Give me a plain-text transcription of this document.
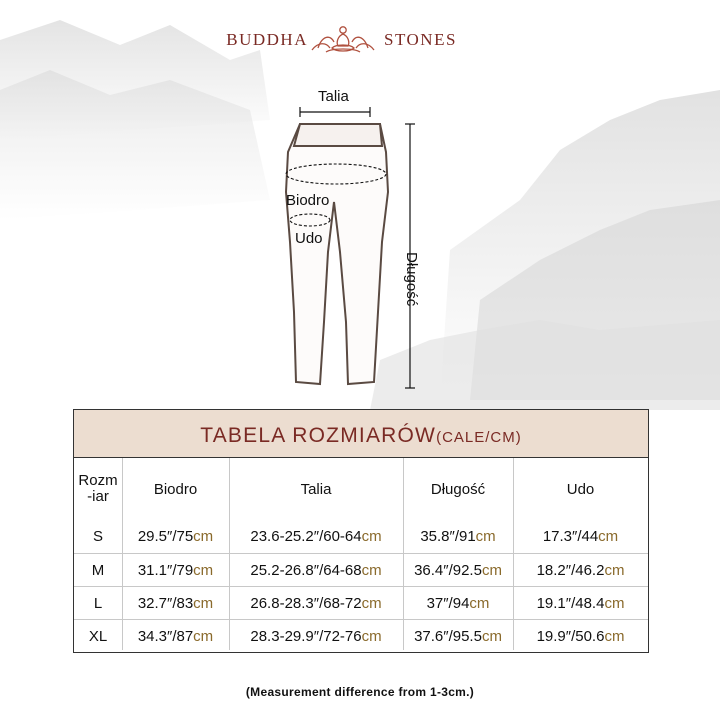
BUDDHA	STONES
Talia
Biodro
Udo
Długość
TABELA ROZMIARÓW(CALE/CM)
Rozm
-iar	Biodro	Talia	Długość	Udo
S	29.5″/75 cm 23.6-25.2″/60-64 cm	35.8″/91 cm	17.3″/44 cm
M	31.1″/79 cm 25.2-26.8″/64-68 cm 36.4″/92.5 cm 18.2″/46.2 cm
L	32.7″/83 cm 26.8-28.3″/68-72 cm	37″/94 cm	19.1″/48.4 cm
XL	34.3″/87 cm 28.3-29.9″/72-76 cm 37.6″/95.5 cm 19.9″/50.6 cm
(Measurement difference from 1-3cm.)
